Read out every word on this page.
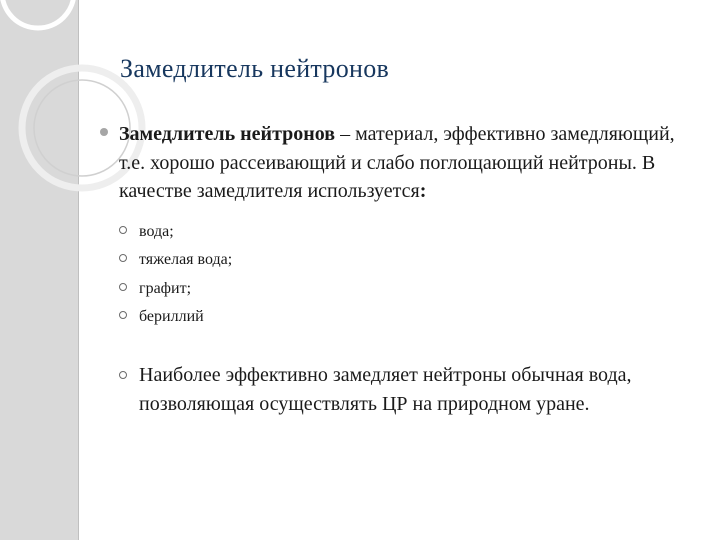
Замедлитель нейтронов
Замедлитель нейтронов – материал, эффективно замедляющий, т.е. хорошо рассеивающий и слабо поглощающий нейтроны. В качестве замедлителя используется:
вода;
тяжелая вода;
графит;
бериллий
Наиболее эффективно замедляет нейтроны обычная вода, позволяющая осуществлять ЦР на природном уране.
